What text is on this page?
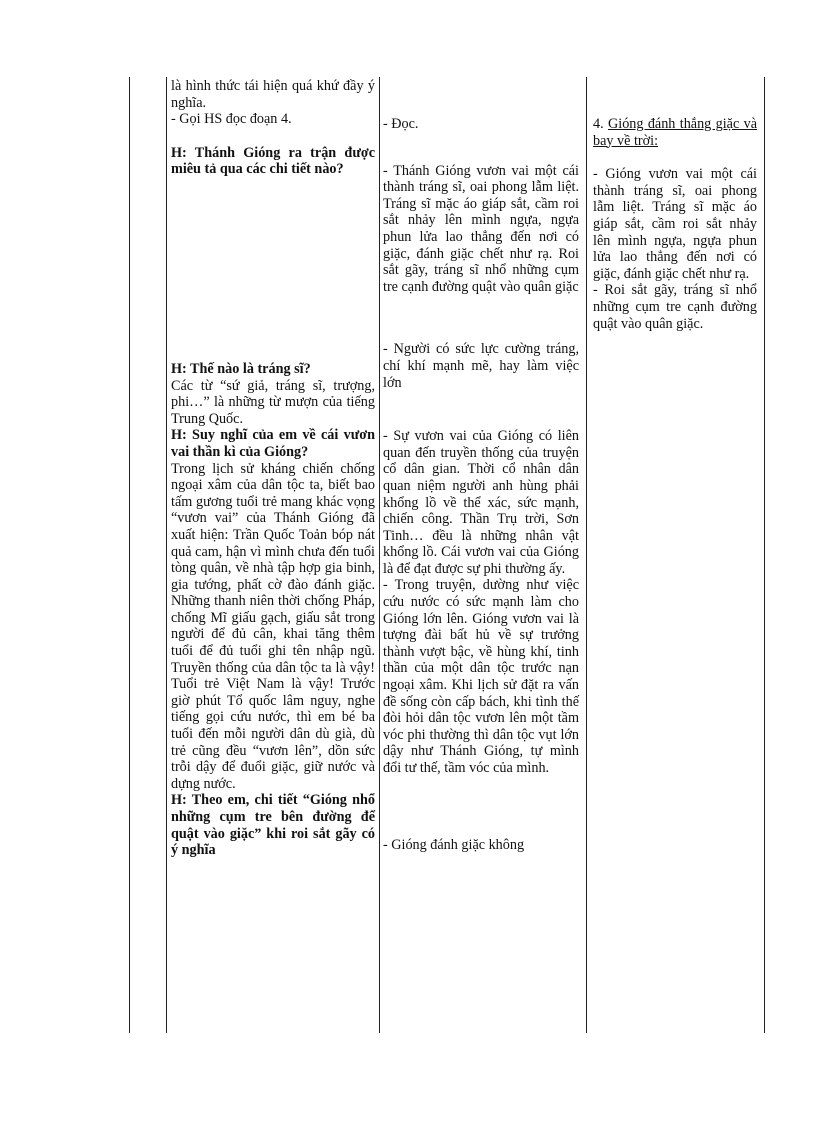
là hình thức tái hiện quá khứ đầy ý nghĩa.

- Gọi HS đọc đoạn 4.

H: Thánh Gióng ra trận được miêu tả qua các chi tiết nào?

H: Thế nào là tráng sĩ?

Các từ “sứ giả, tráng sĩ, trượng, phi…” là những từ mượn của tiếng Trung Quốc.

H: Suy nghĩ của em về cái vươn vai thần kì của Gióng?

Trong lịch sử kháng chiến chống ngoại xâm của dân tộc ta, biết bao tấm gương tuổi trẻ mang khác vọng “vươn vai” của Thánh Gióng đã xuất hiện: Trần Quốc Toản bóp nát quả cam, hận vì mình chưa đến tuổi tòng quân, về nhà tập hợp gia binh, gia tướng, phất cờ đào đánh giặc. Những thanh niên thời chống Pháp, chống Mĩ giấu gạch, giấu sắt trong người để đủ cân, khai tăng thêm tuổi để đủ tuổi ghi tên nhập ngũ. Truyền thống của dân tộc ta là vậy! Tuổi trẻ Việt Nam là vậy! Trước giờ phút Tổ quốc lâm nguy, nghe tiếng gọi cứu nước, thì em bé ba tuổi đến mỗi người dân dù già, dù trẻ cũng đều “vươn lên”, dồn sức trỗi dậy để đuổi giặc, giữ nước và dựng nước.

H: Theo em, chi tiết “Gióng nhổ những cụm tre bên đường để quật vào giặc” khi roi sắt gãy có ý nghĩa

- Đọc.

- Thánh Gióng vươn vai một cái thành tráng sĩ, oai phong lẫm liệt. Tráng sĩ mặc áo giáp sắt, cầm roi sắt nhảy lên mình ngựa, ngựa phun lửa lao thẳng đến nơi có giặc, đánh giặc chết như rạ. Roi sắt gãy, tráng sĩ nhổ những cụm tre cạnh đường quật vào quân giặc

- Người có sức lực cường tráng, chí khí mạnh mẽ, hay làm việc lớn

- Sự vươn vai của Gióng có liên quan đến truyền thống của truyện cổ dân gian. Thời cổ nhân dân quan niệm người anh hùng phải khổng lồ về thể xác, sức mạnh, chiến công. Thần Trụ trời, Sơn Tinh… đều là những nhân vật khổng lồ. Cái vươn vai của Gióng là để đạt được sự phi thường ấy.

- Trong truyện, dường như việc cứu nước có sức mạnh làm cho Gióng lớn lên. Gióng vươn vai là tượng đài bất hủ về sự trưởng thành vượt bậc, về hùng khí, tinh thần của một dân tộc trước nạn ngoại xâm. Khi lịch sử đặt ra vấn đề sống còn cấp bách, khi tình thế đòi hỏi dân tộc vươn lên một tầm vóc phi thường thì dân tộc vụt lớn dậy như Thánh Gióng, tự mình đổi tư thế, tầm vóc của mình.

- Gióng đánh giặc không

4. Gióng đánh thắng giặc và bay về trời:

- Gióng vươn vai một cái thành tráng sĩ, oai phong lẫm liệt. Tráng sĩ mặc áo giáp sắt, cầm roi sắt nhảy lên mình ngựa, ngựa phun lửa lao thẳng đến nơi có giặc, đánh giặc chết như rạ.

- Roi sắt gãy, tráng sĩ nhổ những cụm tre cạnh đường quật vào quân giặc.
